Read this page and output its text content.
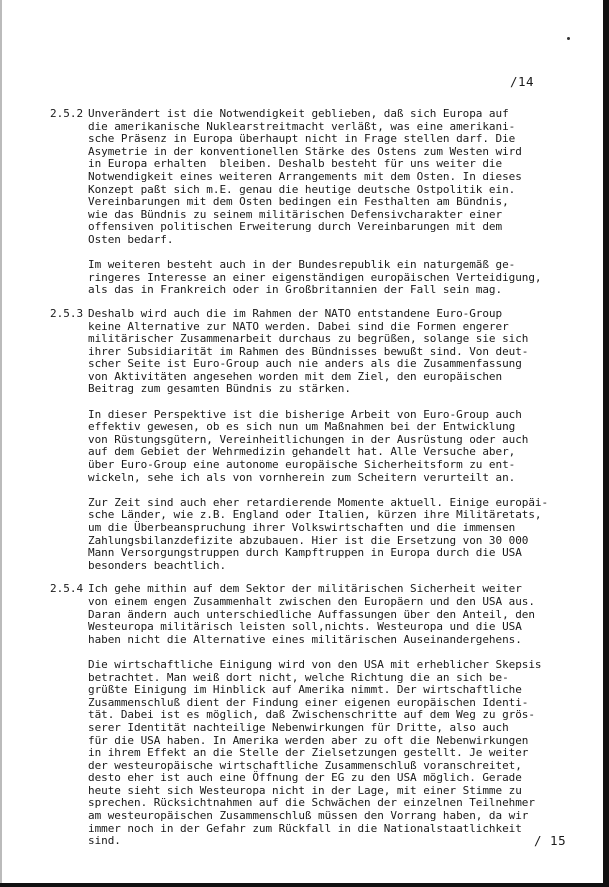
/14
2.5.2 Unverändert ist die Notwendigkeit geblieben, daß sich Europa auf
die amerikanische Nuklearstreitmacht verläßt, was eine amerikani-
sche Präsenz in Europa überhaupt nicht in Frage stellen darf. Die
Asymetrie in der konventionellen Stärke des Ostens zum Westen wird
in Europa erhalten  bleiben. Deshalb besteht für uns weiter die
Notwendigkeit eines weiteren Arrangements mit dem Osten. In dieses
Konzept paßt sich m.E. genau die heutige deutsche Ostpolitik ein.
Vereinbarungen mit dem Osten bedingen ein Festhalten am Bündnis,
wie das Bündnis zu seinem militärischen Defensivcharakter einer
offensiven politischen Erweiterung durch Vereinbarungen mit dem
Osten bedarf.

Im weiteren besteht auch in der Bundesrepublik ein naturgemäß ge-
ringeres Interesse an einer eigenständigen europäischen Verteidigung,
als das in Frankreich oder in Großbritannien der Fall sein mag.

2.5.3 Deshalb wird auch die im Rahmen der NATO entstandene Euro-Group
keine Alternative zur NATO werden. Dabei sind die Formen engerer
militärischer Zusammenarbeit durchaus zu begrüßen, solange sie sich
ihrer Subsidiarität im Rahmen des Bündnisses bewußt sind. Von deut-
scher Seite ist Euro-Group auch nie anders als die Zusammenfassung
von Aktivitäten angesehen worden mit dem Ziel, den europäischen
Beitrag zum gesamten Bündnis zu stärken.

In dieser Perspektive ist die bisherige Arbeit von Euro-Group auch
effektiv gewesen, ob es sich nun um Maßnahmen bei der Entwicklung
von Rüstungsgütern, Vereinheitlichungen in der Ausrüstung oder auch
auf dem Gebiet der Wehrmedizin gehandelt hat. Alle Versuche aber,
über Euro-Group eine autonome europäische Sicherheitsform zu ent-
wickeln, sehe ich als von vornherein zum Scheitern verurteilt an.

Zur Zeit sind auch eher retardierende Momente aktuell. Einige europäi-
sche Länder, wie z.B. England oder Italien, kürzen ihre Militäretats,
um die Überbeanspruchung ihrer Volkswirtschaften und die immensen
Zahlungsbilanzdefizite abzubauen. Hier ist die Ersetzung von 30 000
Mann Versorgungstruppen durch Kampftruppen in Europa durch die USA
besonders beachtlich.

2.5.4 Ich gehe mithin auf dem Sektor der militärischen Sicherheit weiter
von einem engen Zusammenhalt zwischen den Europäern und den USA aus.
Daran ändern auch unterschiedliche Auffassungen über den Anteil, den
Westeuropa militärisch leisten soll,nichts. Westeuropa und die USA
haben nicht die Alternative eines militärischen Auseinandergehens.

Die wirtschaftliche Einigung wird von den USA mit erheblicher Skepsis
betrachtet. Man weiß dort nicht, welche Richtung die an sich be-
grüßte Einigung im Hinblick auf Amerika nimmt. Der wirtschaftliche
Zusammenschluß dient der Findung einer eigenen europäischen Identi-
tät. Dabei ist es möglich, daß Zwischenschritte auf dem Weg zu grös-
serer Identität nachteilige Nebenwirkungen für Dritte, also auch
für die USA haben. In Amerika werden aber zu oft die Nebenwirkungen
in ihrem Effekt an die Stelle der Zielsetzungen gestellt. Je weiter
der westeuropäische wirtschaftliche Zusammenschluß voranschreitet,
desto eher ist auch eine Öffnung der EG zu den USA möglich. Gerade
heute sieht sich Westeuropa nicht in der Lage, mit einer Stimme zu
sprechen. Rücksichtnahmen auf die Schwächen der einzelnen Teilnehmer
am westeuropäischen Zusammenschluß müssen den Vorrang haben, da wir
immer noch in der Gefahr zum Rückfall in die Nationalstaatlichkeit
sind.	/ 15
